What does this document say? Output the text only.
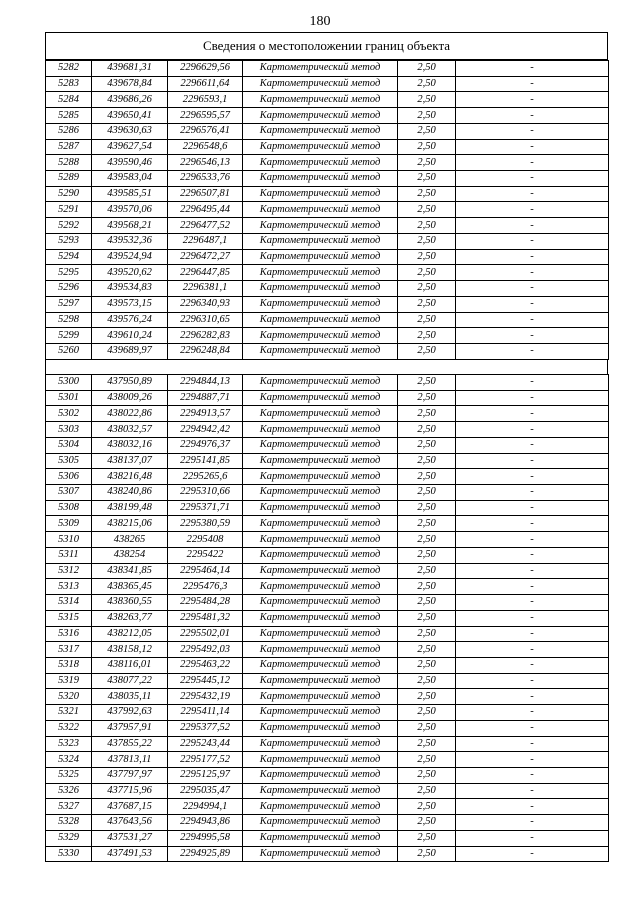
180
Сведения о местоположении границ объекта
5282	439681,31	2296629,56	Картометрический метод	2,50	-
5283	439678,84	2296611,64	Картометрический метод	2,50	-
5284	439686,26	2296593,1	Картометрический метод	2,50	-
5285	439650,41	2296595,57	Картометрический метод	2,50	-
5286	439630,63	2296576,41	Картометрический метод	2,50	-
5287	439627,54	2296548,6	Картометрический метод	2,50	-
5288	439590,46	2296546,13	Картометрический метод	2,50	-
5289	439583,04	2296533,76	Картометрический метод	2,50	-
5290	439585,51	2296507,81	Картометрический метод	2,50	-
5291	439570,06	2296495,44	Картометрический метод	2,50	-
5292	439568,21	2296477,52	Картометрический метод	2,50	-
5293	439532,36	2296487,1	Картометрический метод	2,50	-
5294	439524,94	2296472,27	Картометрический метод	2,50	-
5295	439520,62	2296447,85	Картометрический метод	2,50	-
5296	439534,83	2296381,1	Картометрический метод	2,50	-
5297	439573,15	2296340,93	Картометрический метод	2,50	-
5298	439576,24	2296310,65	Картометрический метод	2,50	-
5299	439610,24	2296282,83	Картометрический метод	2,50	-
5260	439689,97	2296248,84	Картометрический метод	2,50	-
5300	437950,89	2294844,13	Картометрический метод	2,50	-
5301	438009,26	2294887,71	Картометрический метод	2,50	-
5302	438022,86	2294913,57	Картометрический метод	2,50	-
5303	438032,57	2294942,42	Картометрический метод	2,50	-
5304	438032,16	2294976,37	Картометрический метод	2,50	-
5305	438137,07	2295141,85	Картометрический метод	2,50	-
5306	438216,48	2295265,6	Картометрический метод	2,50	-
5307	438240,86	2295310,66	Картометрический метод	2,50	-
5308	438199,48	2295371,71	Картометрический метод	2,50	-
5309	438215,06	2295380,59	Картометрический метод	2,50	-
5310	438265	2295408	Картометрический метод	2,50	-
5311	438254	2295422	Картометрический метод	2,50	-
5312	438341,85	2295464,14	Картометрический метод	2,50	-
5313	438365,45	2295476,3	Картометрический метод	2,50	-
5314	438360,55	2295484,28	Картометрический метод	2,50	-
5315	438263,77	2295481,32	Картометрический метод	2,50	-
5316	438212,05	2295502,01	Картометрический метод	2,50	-
5317	438158,12	2295492,03	Картометрический метод	2,50	-
5318	438116,01	2295463,22	Картометрический метод	2,50	-
5319	438077,22	2295445,12	Картометрический метод	2,50	-
5320	438035,11	2295432,19	Картометрический метод	2,50	-
5321	437992,63	2295411,14	Картометрический метод	2,50	-
5322	437957,91	2295377,52	Картометрический метод	2,50	-
5323	437855,22	2295243,44	Картометрический метод	2,50	-
5324	437813,11	2295177,52	Картометрический метод	2,50	-
5325	437797,97	2295125,97	Картометрический метод	2,50	-
5326	437715,96	2295035,47	Картометрический метод	2,50	-
5327	437687,15	2294994,1	Картометрический метод	2,50	-
5328	437643,56	2294943,86	Картометрический метод	2,50	-
5329	437531,27	2294995,58	Картометрический метод	2,50	-
5330	437491,53	2294925,89	Картометрический метод	2,50	-
